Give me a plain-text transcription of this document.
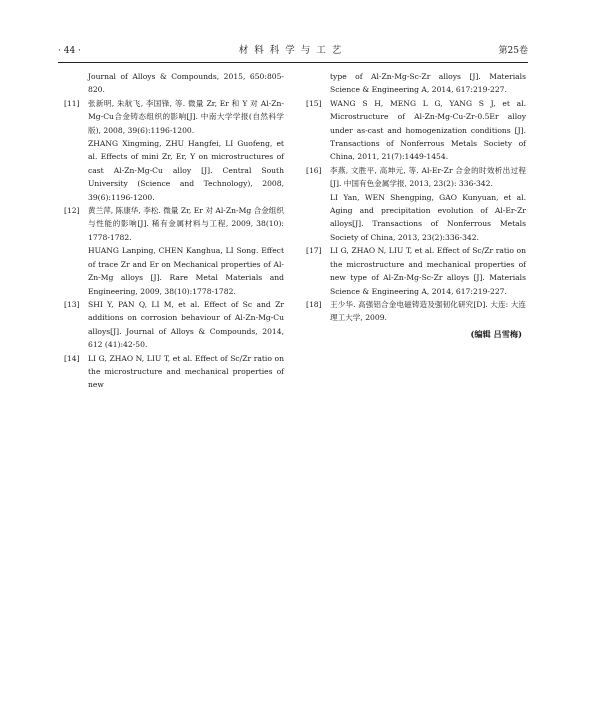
· 44 ·	材料科学与工艺	第25卷
Journal of Alloys & Compounds, 2015, 650:805-820.
[11] 张新明, 朱航飞, 李国锋, 等. 微量 Zr, Er 和 Y 对 Al-Zn-Mg-Cu合金铸态组织的影响[J]. 中南大学学报(自然科学版), 2008, 39(6):1196-1200.
ZHANG Xingming, ZHU Hangfei, LI Guofeng, et al. Effects of mini Zr, Er, Y on microstructures of cast Al-Zn-Mg-Cu alloy [J]. Central South University (Science and Technology), 2008, 39(6):1196-1200.
[12] 黄兰萍, 陈康华, 李松. 微量 Zr, Er 对 Al-Zn-Mg 合金组织与性能的影响[J]. 稀有金属材料与工程, 2009, 38(10): 1778-1782.
HUANG Lanping, CHEN Kanghua, LI Song. Effect of trace Zr and Er on Mechanical properties of Al-Zn-Mg alloys [J]. Rare Metal Materials and Engineering, 2009, 38(10):1778-1782.
[13] SHI Y, PAN Q, LI M, et al. Effect of Sc and Zr additions on corrosion behaviour of Al-Zn-Mg-Cu alloys[J]. Journal of Alloys & Compounds, 2014, 612 (41):42-50.
[14] LI G, ZHAO N, LIU T, et al. Effect of Sc/Zr ratio on the microstructure and mechanical properties of new
type of Al-Zn-Mg-Sc-Zr alloys [J]. Materials Science & Engineering A, 2014, 617:219-227.
[15] WANG S H, MENG L G, YANG S J, et al. Microstructure of Al-Zn-Mg-Cu-Zr-0.5Er alloy under as-cast and homogenization conditions [J]. Transactions of Nonferrous Metals Society of China, 2011, 21(7):1449-1454.
[16] 李燕, 文胜平, 高坤元, 等. Al-Er-Zr 合金的时效析出过程[J]. 中国有色金属学报, 2013, 23(2): 336-342.
LI Yan, WEN Shengping, GAO Kunyuan, et al. Aging and precipitation evolution of Al-Er-Zr alloys[J]. Transactions of Nonferrous Metals Society of China, 2013, 23(2):336-342.
[17] LI G, ZHAO N, LIU T, et al. Effect of Sc/Zr ratio on the microstructure and mechanical properties of new type of Al-Zn-Mg-Sc-Zr alloys [J]. Materials Science & Engineering A, 2014, 617:219-227.
[18] 王少华. 高强铝合金电磁铸造及强韧化研究[D]. 大连: 大连理工大学, 2009.
(编辑 吕雪梅)
